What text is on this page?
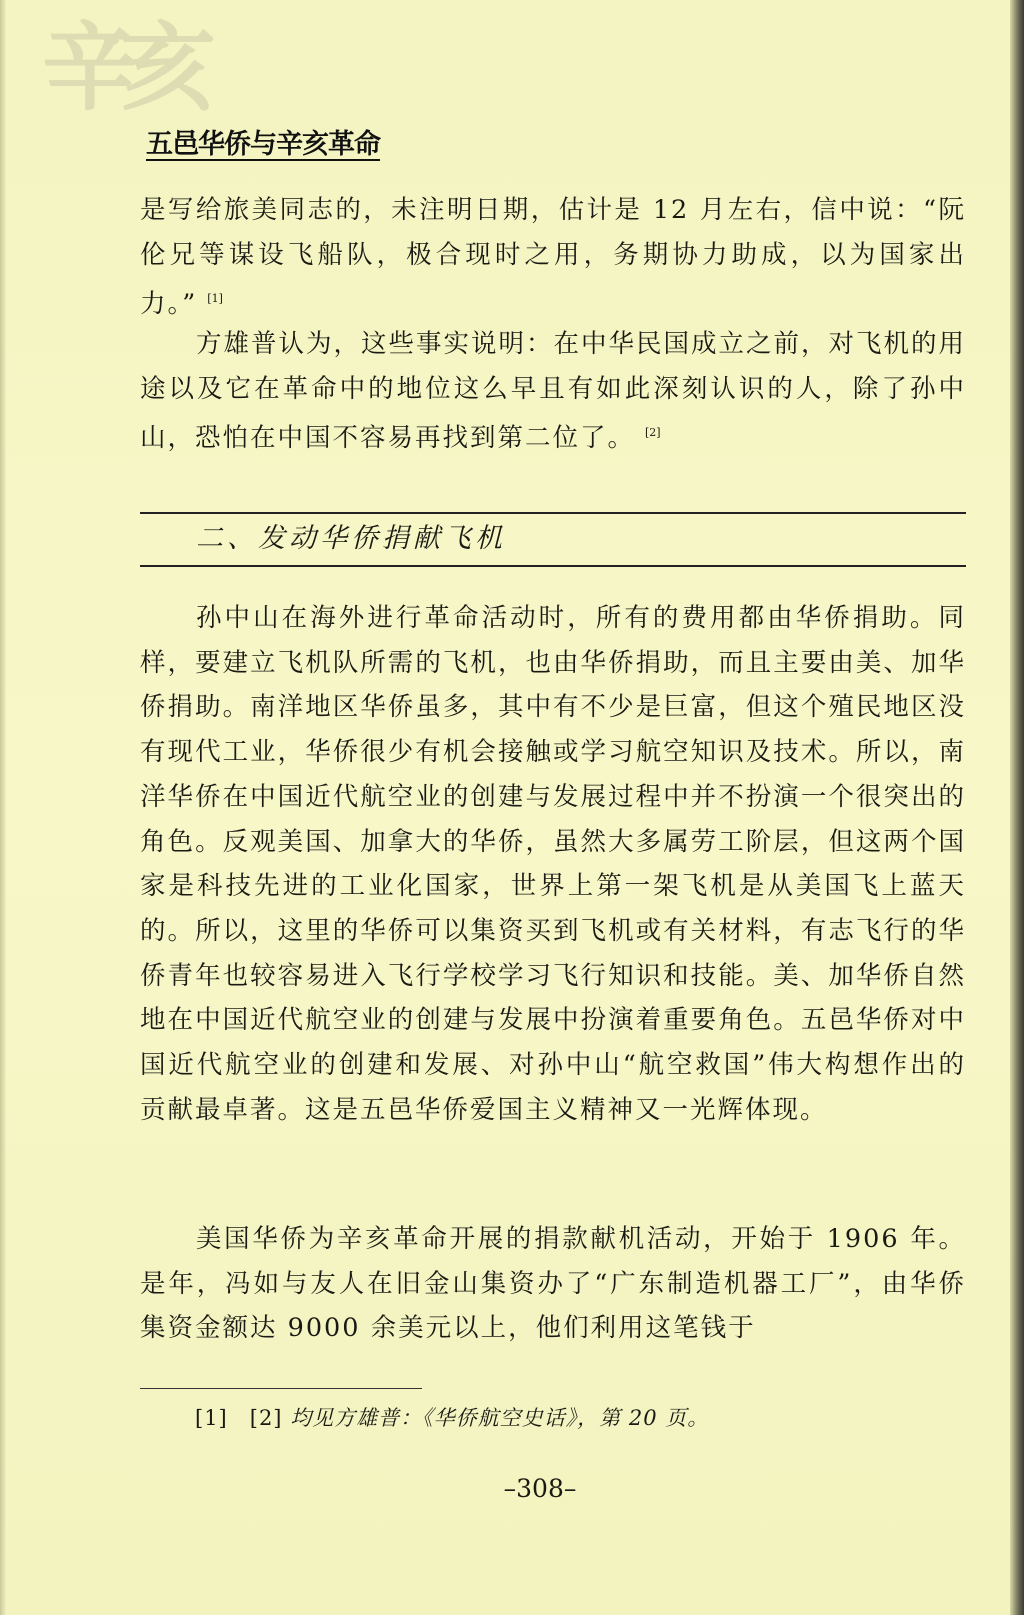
辛亥
五邑华侨与辛亥革命
是写给旅美同志的，未注明日期，估计是 12 月左右，信中说：“阮伦兄等谋设飞船队，极合现时之用，务期协力助成，以为国家出力。” [1]
方雄普认为，这些事实说明：在中华民国成立之前，对飞机的用途以及它在革命中的地位这么早且有如此深刻认识的人，除了孙中山，恐怕在中国不容易再找到第二位了。 [2]
二、发动华侨捐献飞机
孙中山在海外进行革命活动时，所有的费用都由华侨捐助。同样，要建立飞机队所需的飞机，也由华侨捐助，而且主要由美、加华侨捐助。南洋地区华侨虽多，其中有不少是巨富，但这个殖民地区没有现代工业，华侨很少有机会接触或学习航空知识及技术。所以，南洋华侨在中国近代航空业的创建与发展过程中并不扮演一个很突出的角色。反观美国、加拿大的华侨，虽然大多属劳工阶层，但这两个国家是科技先进的工业化国家，世界上第一架飞机是从美国飞上蓝天的。所以，这里的华侨可以集资买到飞机或有关材料，有志飞行的华侨青年也较容易进入飞行学校学习飞行知识和技能。美、加华侨自然地在中国近代航空业的创建与发展中扮演着重要角色。五邑华侨对中国近代航空业的创建和发展、对孙中山“航空救国”伟大构想作出的贡献最卓著。这是五邑华侨爱国主义精神又一光辉体现。
美国华侨为辛亥革命开展的捐款献机活动，开始于 1906 年。是年，冯如与友人在旧金山集资办了“广东制造机器工厂”，由华侨集资金额达 9000 余美元以上，他们利用这笔钱于
[1]　[2] 均见方雄普：《华侨航空史话》，第 20 页。
–308–
